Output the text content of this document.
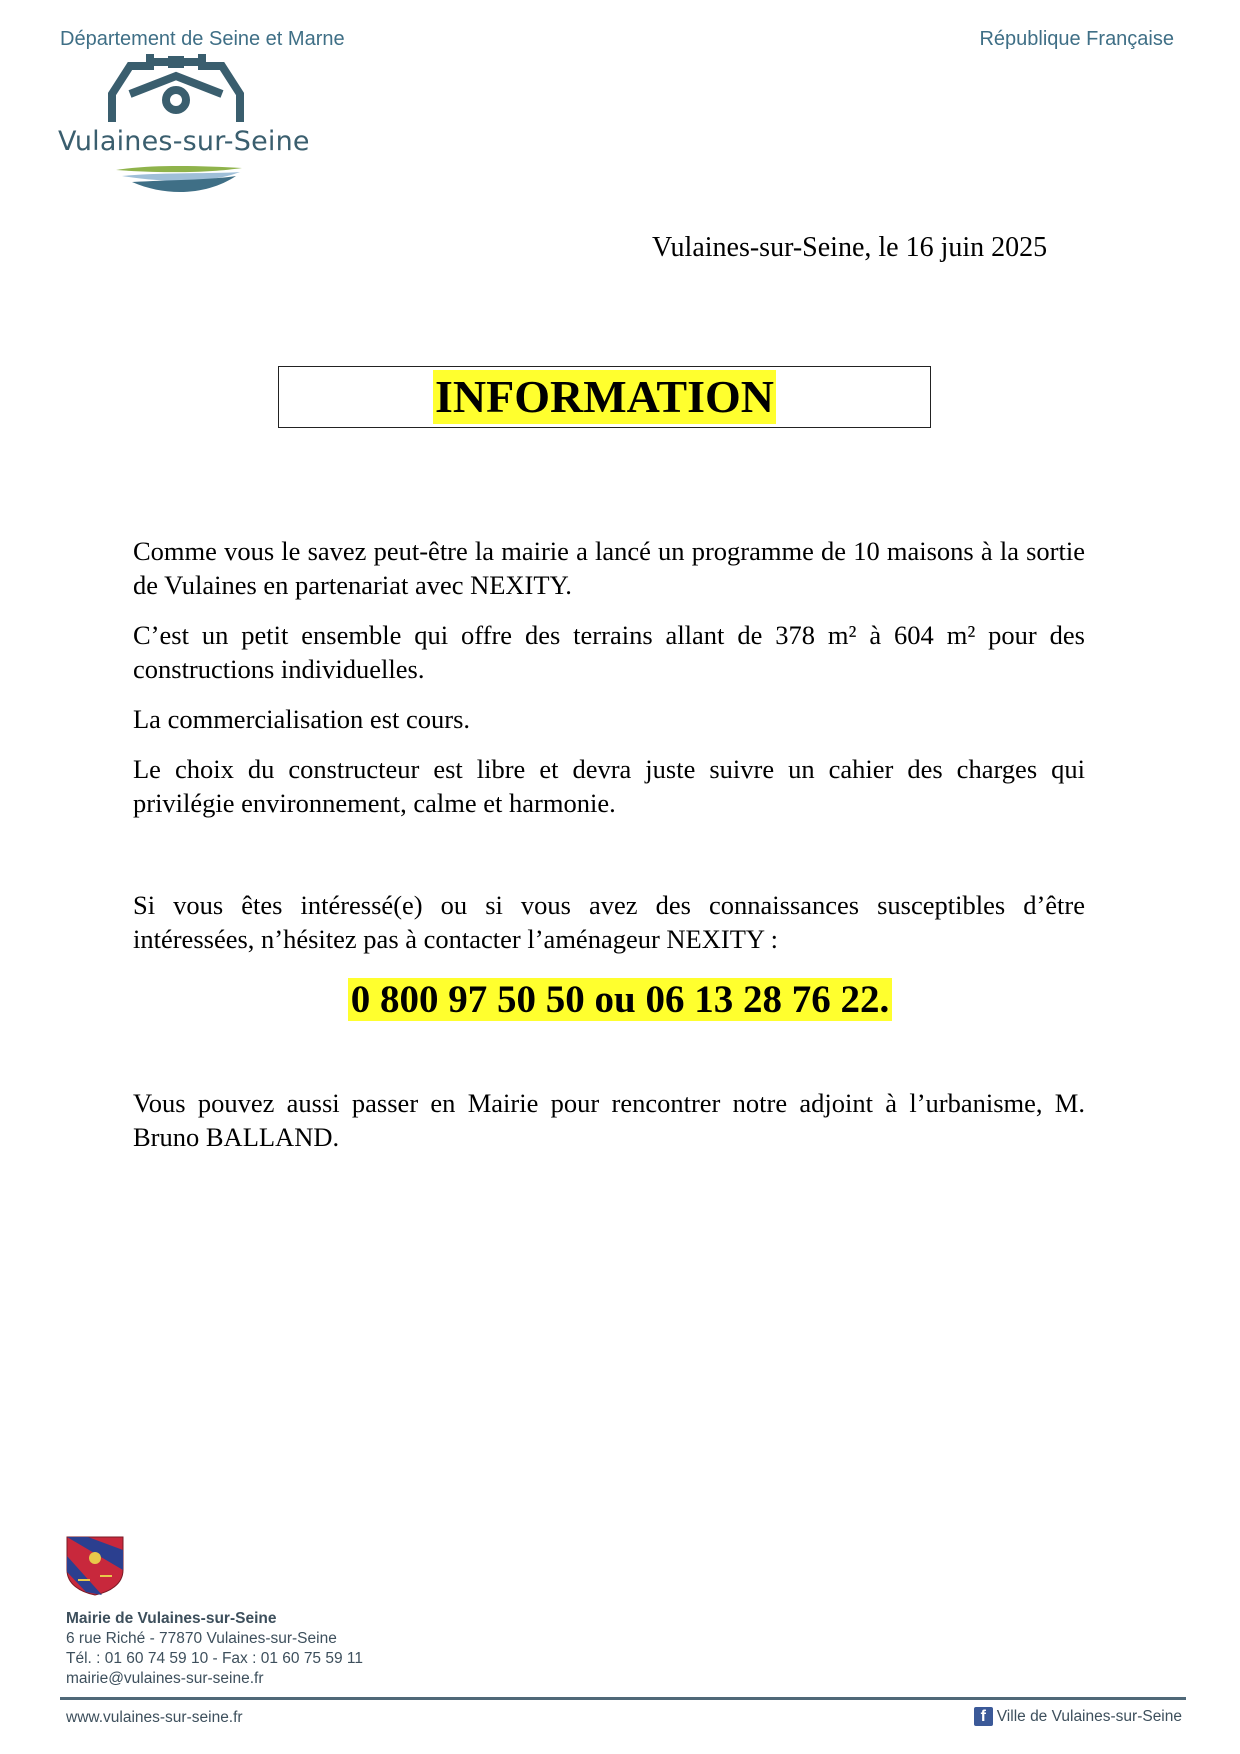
Département de Seine et Marne	République Française
Vulaines-sur-Seine
Vulaines-sur-Seine, le 16 juin 2025
INFORMATION

Comme vous le savez peut-être la mairie a lancé un programme de 10 maisons à la sortie de Vulaines en partenariat avec NEXITY.

C’est un petit ensemble qui offre des terrains allant de 378 m² à 604 m² pour des constructions individuelles.

La commercialisation est cours.

Le choix du constructeur est libre et devra juste suivre un cahier des charges qui privilégie environnement, calme et harmonie.

Si vous êtes intéressé(e) ou si vous avez des connaissances susceptibles d’être intéressées, n’hésitez pas à contacter l’aménageur NEXITY :

0 800 97 50 50 ou 06 13 28 76 22.

Vous pouvez aussi passer en Mairie pour rencontrer notre adjoint à l’urbanisme, M. Bruno BALLAND.

Mairie de Vulaines-sur-Seine
6 rue Riché - 77870 Vulaines-sur-Seine
Tél. : 01 60 74 59 10 - Fax : 01 60 75 59 11
mairie@vulaines-sur-seine.fr
www.vulaines-sur-seine.fr	f Ville de Vulaines-sur-Seine
